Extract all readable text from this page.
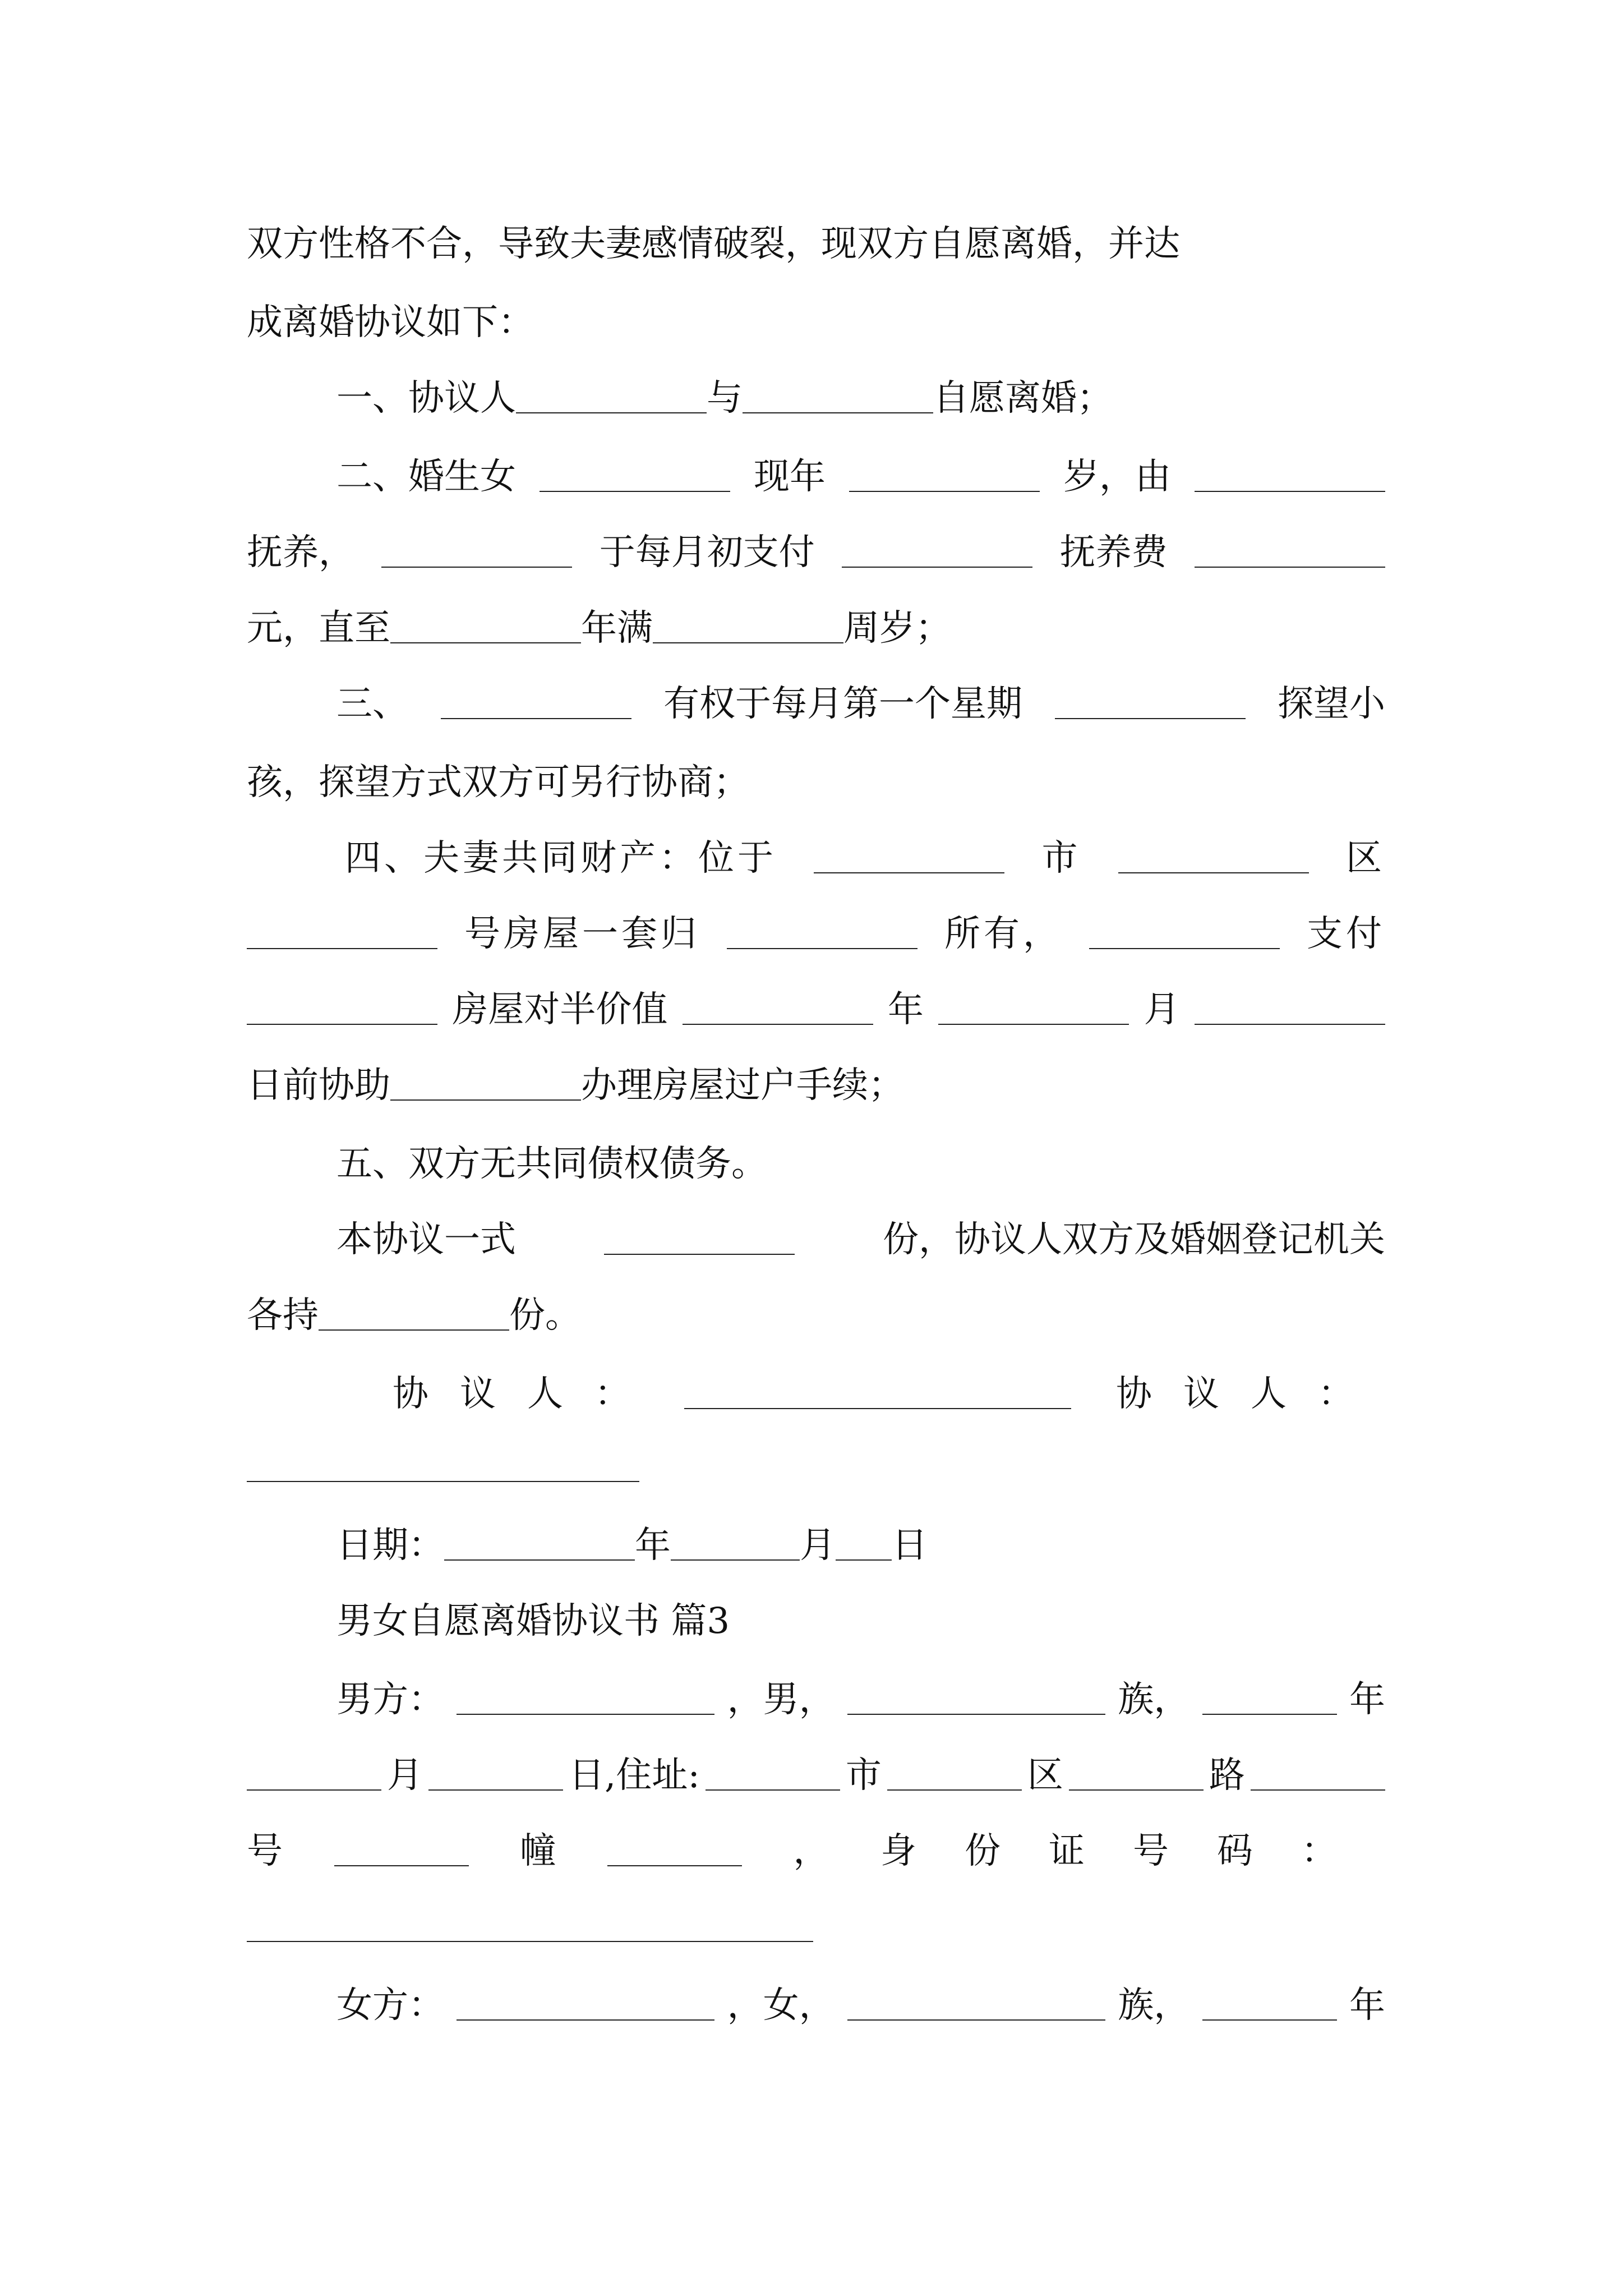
双方性格不合，导致夫妻感情破裂，现双方自愿离婚，并达
成离婚协议如下：
一、协议人	与	自愿离婚；
二、婚生女	现年	岁，由
抚养，	于每月初支付	抚养费
元，直至	年满	周岁；
三、	有权于每月第一个星期	探望小
孩，探望方式双方可另行协商；
四、夫妻共同财产：位于	市	区
号房屋一套归	所有，	支付
房屋对半价值	年	月
日前协助	办理房屋过户手续；
五、双方无共同债权债务。
本协议一式	份，协议人双方及婚姻登记机关
各持	份。
协议人：	协议人：
日期：	年	月 日
男女自愿离婚协议书 篇3
男方：	，男，	族，	年
月	日,住址:	市	区	路
号	幢	， 身份证号码：
女方：	，女，	族，	年
